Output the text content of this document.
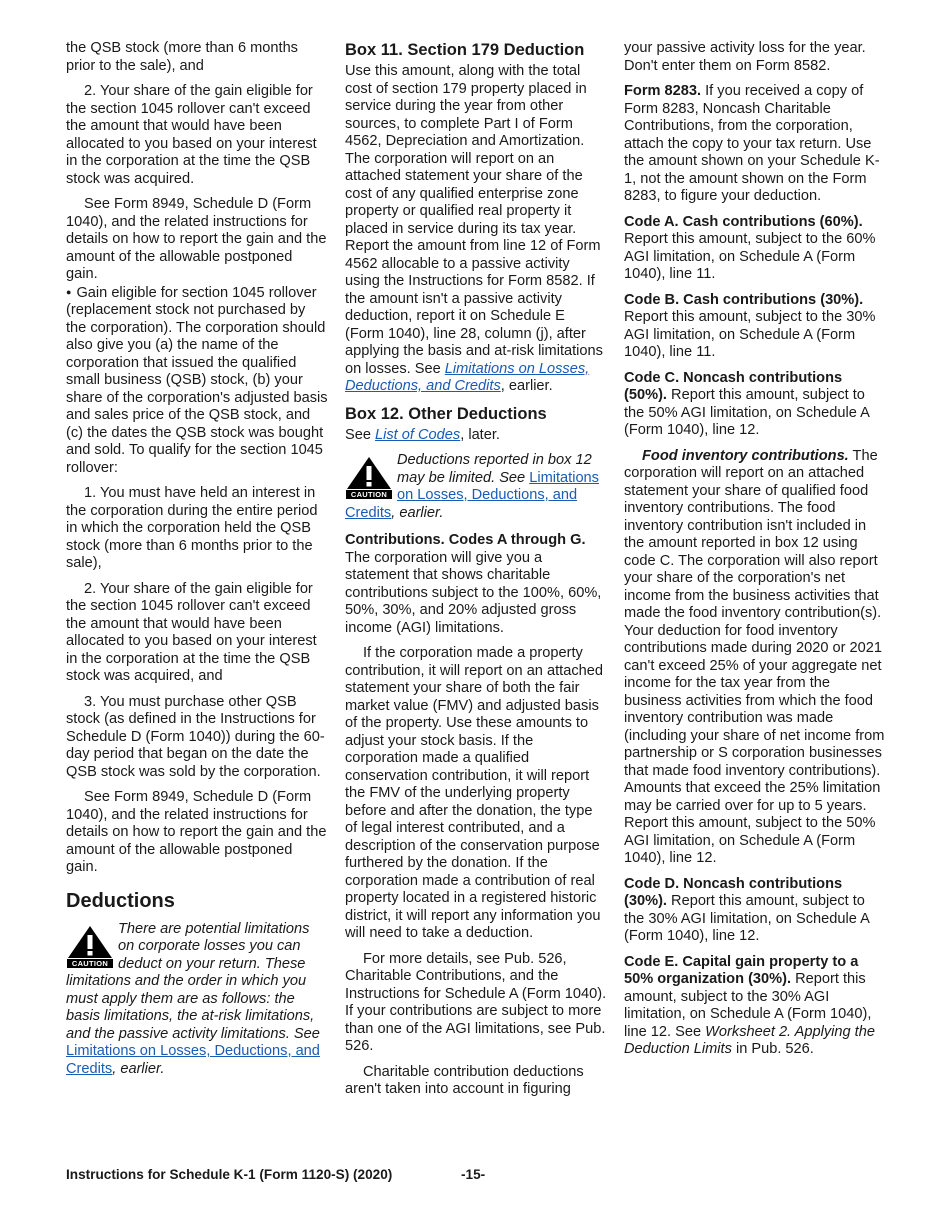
the QSB stock (more than 6 months prior to the sale), and

2. Your share of the gain eligible for the section 1045 rollover can't exceed the amount that would have been allocated to you based on your interest in the corporation at the time the QSB stock was acquired.

See Form 8949, Schedule D (Form 1040), and the related instructions for details on how to report the gain and the amount of the allowable postponed gain.

● Gain eligible for section 1045 rollover (replacement stock not purchased by the corporation). The corporation should also give you (a) the name of the corporation that issued the qualified small business (QSB) stock, (b) your share of the corporation's adjusted basis and sales price of the QSB stock, and (c) the dates the QSB stock was bought and sold. To qualify for the section 1045 rollover:

1. You must have held an interest in the corporation during the entire period in which the corporation held the QSB stock (more than 6 months prior to the sale),

2. Your share of the gain eligible for the section 1045 rollover can't exceed the amount that would have been allocated to you based on your interest in the corporation at the time the QSB stock was acquired, and

3. You must purchase other QSB stock (as defined in the Instructions for Schedule D (Form 1040)) during the 60-day period that began on the date the QSB stock was sold by the corporation.

See Form 8949, Schedule D (Form 1040), and the related instructions for details on how to report the gain and the amount of the allowable postponed gain.

Deductions
CAUTION
There are potential limitations on corporate losses you can deduct on your return. These limitations and the order in which you must apply them are as follows: the basis limitations, the at-risk limitations, and the passive activity limitations. See Limitations on Losses, Deductions, and Credits, earlier.
Box 11. Section 179 Deduction

Use this amount, along with the total cost of section 179 property placed in service during the year from other sources, to complete Part I of Form 4562, Depreciation and Amortization. The corporation will report on an attached statement your share of the cost of any qualified enterprise zone property or qualified real property it placed in service during its tax year. Report the amount from line 12 of Form 4562 allocable to a passive activity using the Instructions for Form 8582. If the amount isn't a passive activity deduction, report it on Schedule E (Form 1040), line 28, column (j), after applying the basis and at-risk limitations on losses. See Limitations on Losses, Deductions, and Credits, earlier.

Box 12. Other Deductions

See List of Codes, later.

CAUTION
Deductions reported in box 12 may be limited. See Limitations on Losses, Deductions, and Credits, earlier.

Contributions. Codes A through G.

The corporation will give you a statement that shows charitable contributions subject to the 100%, 60%, 50%, 30%, and 20% adjusted gross income (AGI) limitations.

If the corporation made a property contribution, it will report on an attached statement your share of both the fair market value (FMV) and adjusted basis of the property. Use these amounts to adjust your stock basis. If the corporation made a qualified conservation contribution, it will report the FMV of the underlying property before and after the donation, the type of legal interest contributed, and a description of the conservation purpose furthered by the donation. If the corporation made a contribution of real property located in a registered historic district, it will report any information you will need to take a deduction.

For more details, see Pub. 526, Charitable Contributions, and the Instructions for Schedule A (Form 1040). If your contributions are subject to more than one of the AGI limitations, see Pub. 526.

Charitable contribution deductions aren't taken into account in figuring

your passive activity loss for the year. Don't enter them on Form 8582.

Form 8283. If you received a copy of Form 8283, Noncash Charitable Contributions, from the corporation, attach the copy to your tax return. Use the amount shown on your Schedule K-1, not the amount shown on the Form 8283, to figure your deduction.

Code A. Cash contributions (60%). Report this amount, subject to the 60% AGI limitation, on Schedule A (Form 1040), line 11.

Code B. Cash contributions (30%). Report this amount, subject to the 30% AGI limitation, on Schedule A (Form 1040), line 11.

Code C. Noncash contributions (50%). Report this amount, subject to the 50% AGI limitation, on Schedule A (Form 1040), line 12.

Food inventory contributions. The corporation will report on an attached statement your share of qualified food inventory contributions. The food inventory contribution isn't included in the amount reported in box 12 using code C. The corporation will also report your share of the corporation's net income from the business activities that made the food inventory contribution(s). Your deduction for food inventory contributions made during 2020 or 2021 can't exceed 25% of your aggregate net income for the tax year from the business activities from which the food inventory contribution was made (including your share of net income from partnership or S corporation businesses that made food inventory contributions). Amounts that exceed the 25% limitation may be carried over for up to 5 years. Report this amount, subject to the 50% AGI limitation, on Schedule A (Form 1040), line 12.

Code D. Noncash contributions (30%). Report this amount, subject to the 30% AGI limitation, on Schedule A (Form 1040), line 12.

Code E. Capital gain property to a 50% organization (30%). Report this amount, subject to the 30% AGI limitation, on Schedule A (Form 1040), line 12. See Worksheet 2. Applying the Deduction Limits in Pub. 526.

Instructions for Schedule K-1 (Form 1120-S) (2020)	-15-
